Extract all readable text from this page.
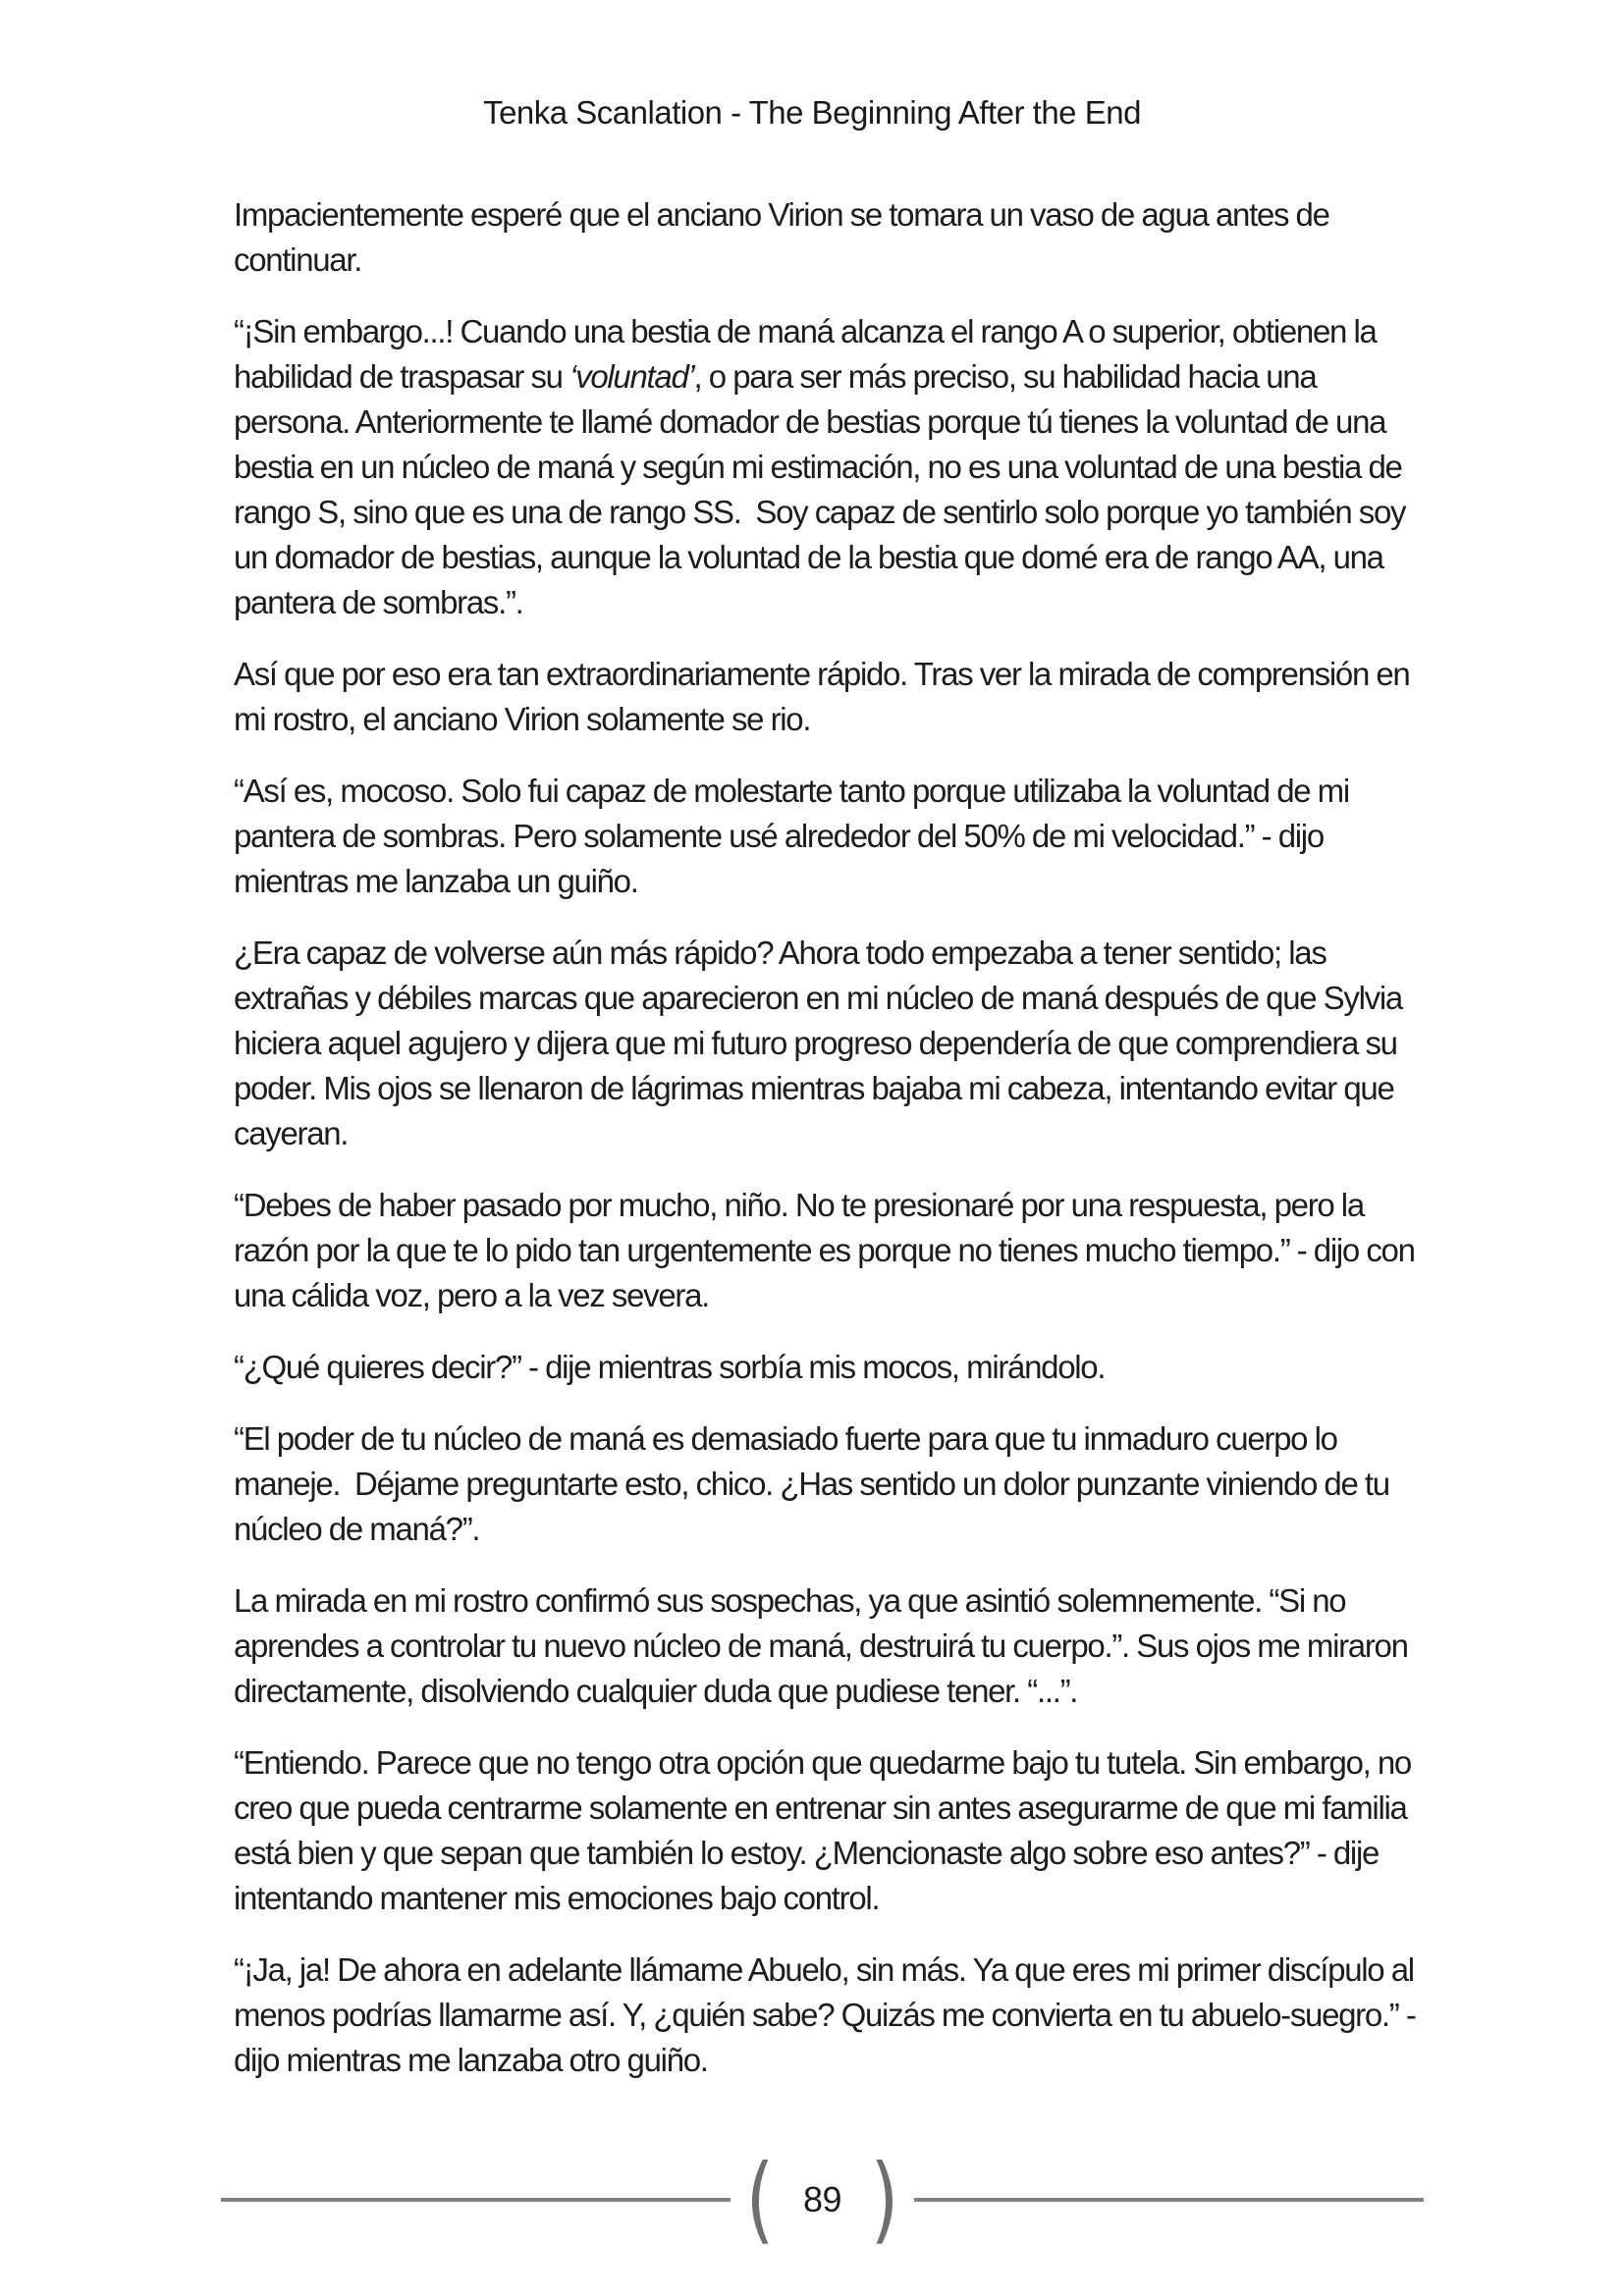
Tenka Scanlation - The Beginning After the End

Impacientemente esperé que el anciano Virion se tomara un vaso de agua antes de continuar.

“¡Sin embargo...! Cuando una bestia de maná alcanza el rango A o superior, obtienen la habilidad de traspasar su ‘voluntad’, o para ser más preciso, su habilidad hacia una persona. Anteriormente te llamé domador de bestias porque tú tienes la voluntad de una bestia en un núcleo de maná y según mi estimación, no es una voluntad de una bestia de rango S, sino que es una de rango SS.  Soy capaz de sentirlo solo porque yo también soy un domador de bestias, aunque la voluntad de la bestia que domé era de rango AA, una pantera de sombras.”.

Así que por eso era tan extraordinariamente rápido. Tras ver la mirada de comprensión en mi rostro, el anciano Virion solamente se rio.

“Así es, mocoso. Solo fui capaz de molestarte tanto porque utilizaba la voluntad de mi pantera de sombras. Pero solamente usé alrededor del 50% de mi velocidad.” - dijo mientras me lanzaba un guiño.

¿Era capaz de volverse aún más rápido? Ahora todo empezaba a tener sentido; las extrañas y débiles marcas que aparecieron en mi núcleo de maná después de que Sylvia hiciera aquel agujero y dijera que mi futuro progreso dependería de que comprendiera su poder. Mis ojos se llenaron de lágrimas mientras bajaba mi cabeza, intentando evitar que cayeran.

“Debes de haber pasado por mucho, niño. No te presionaré por una respuesta, pero la razón por la que te lo pido tan urgentemente es porque no tienes mucho tiempo.” - dijo con una cálida voz, pero a la vez severa.

“¿Qué quieres decir?” - dije mientras sorbía mis mocos, mirándolo.

“El poder de tu núcleo de maná es demasiado fuerte para que tu inmaduro cuerpo lo maneje.  Déjame preguntarte esto, chico. ¿Has sentido un dolor punzante viniendo de tu núcleo de maná?”.

La mirada en mi rostro confirmó sus sospechas, ya que asintió solemnemente. “Si no aprendes a controlar tu nuevo núcleo de maná, destruirá tu cuerpo.”. Sus ojos me miraron directamente, disolviendo cualquier duda que pudiese tener. “...”.

“Entiendo. Parece que no tengo otra opción que quedarme bajo tu tutela. Sin embargo, no creo que pueda centrarme solamente en entrenar sin antes asegurarme de que mi familia está bien y que sepan que también lo estoy. ¿Mencionaste algo sobre eso antes?” - dije intentando mantener mis emociones bajo control.

“¡Ja, ja! De ahora en adelante llámame Abuelo, sin más. Ya que eres mi primer discípulo al menos podrías llamarme así. Y, ¿quién sabe? Quizás me convierta en tu abuelo-suegro.” - dijo mientras me lanzaba otro guiño.

( 89 )
